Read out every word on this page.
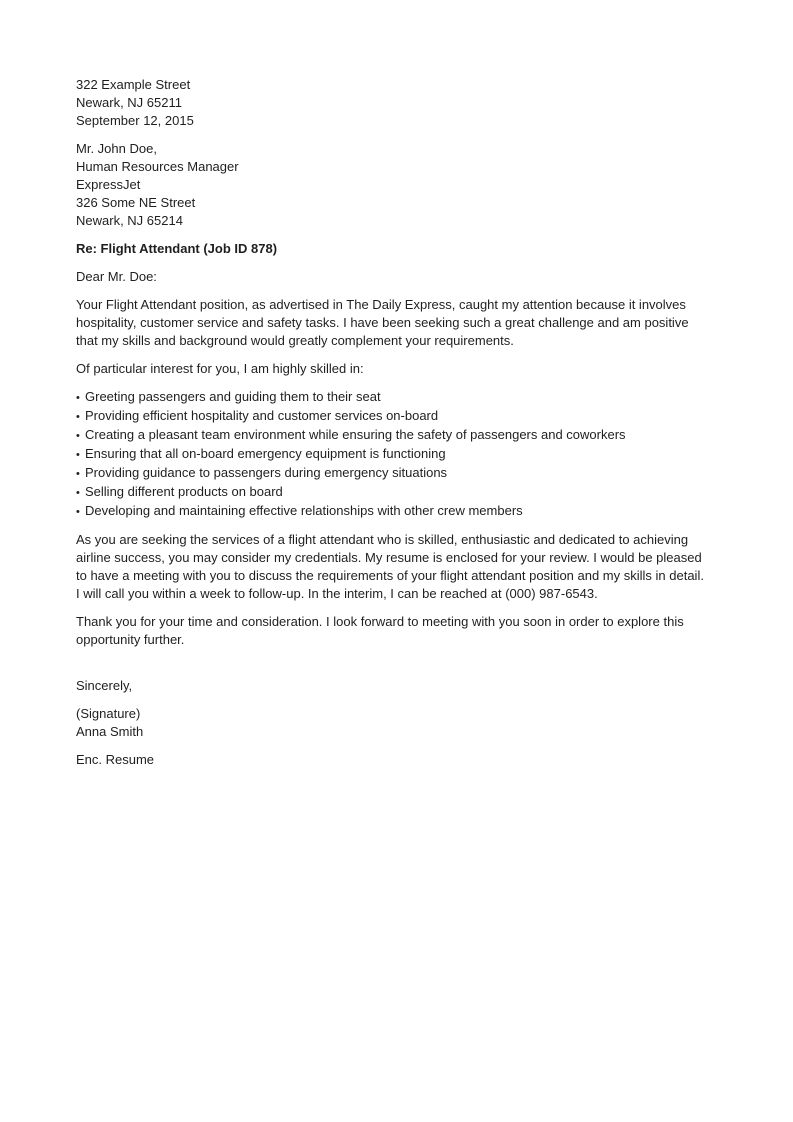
322 Example Street
Newark, NJ 65211
September 12, 2015
Mr. John Doe,
Human Resources Manager
ExpressJet
326 Some NE Street
Newark, NJ 65214
Re: Flight Attendant (Job ID 878)
Dear Mr. Doe:
Your Flight Attendant position, as advertised in The Daily Express, caught my attention because it involves
hospitality, customer service and safety tasks. I have been seeking such a great challenge and am positive
that my skills and background would greatly complement your requirements.
Of particular interest for you, I am highly skilled in:
• Greeting passengers and guiding them to their seat
• Providing efficient hospitality and customer services on-board
• Creating a pleasant team environment while ensuring the safety of passengers and coworkers
• Ensuring that all on-board emergency equipment is functioning
• Providing guidance to passengers during emergency situations
• Selling different products on board
• Developing and maintaining effective relationships with other crew members
As you are seeking the services of a flight attendant who is skilled, enthusiastic and dedicated to achieving
airline success, you may consider my credentials. My resume is enclosed for your review. I would be pleased
to have a meeting with you to discuss the requirements of your flight attendant position and my skills in detail.
I will call you within a week to follow-up. In the interim, I can be reached at (000) 987-6543.
Thank you for your time and consideration. I look forward to meeting with you soon in order to explore this
opportunity further.
Sincerely,
(Signature)
Anna Smith
Enc. Resume
